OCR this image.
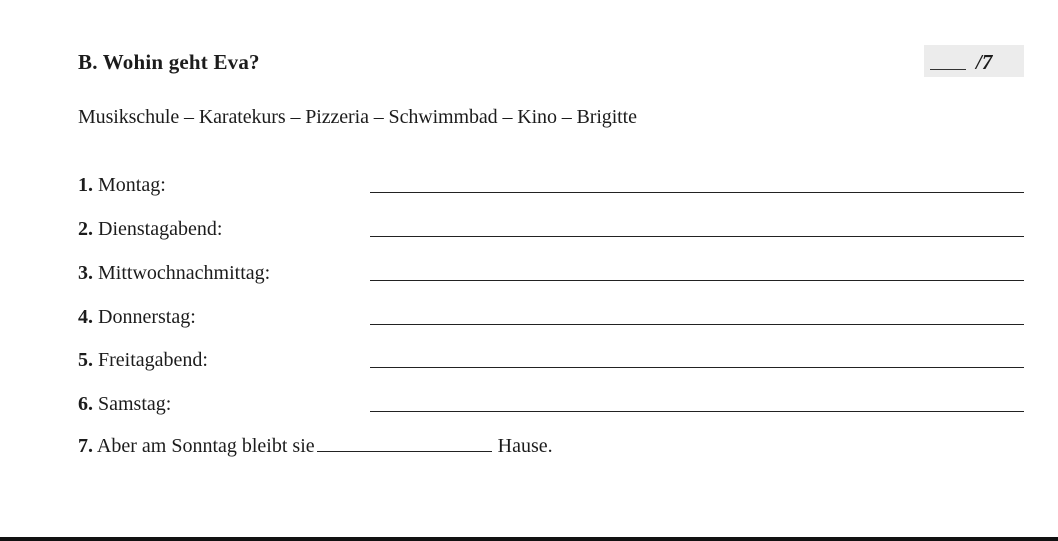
B. Wohin geht Eva?	/7
Musikschule – Karatekurs – Pizzeria – Schwimmbad – Kino – Brigitte
1. Montag:
2. Dienstagabend:
3. Mittwochnachmittag:
4. Donnerstag:
5. Freitagabend:
6. Samstag:
7. Aber am Sonntag bleibt sie	Hause.
